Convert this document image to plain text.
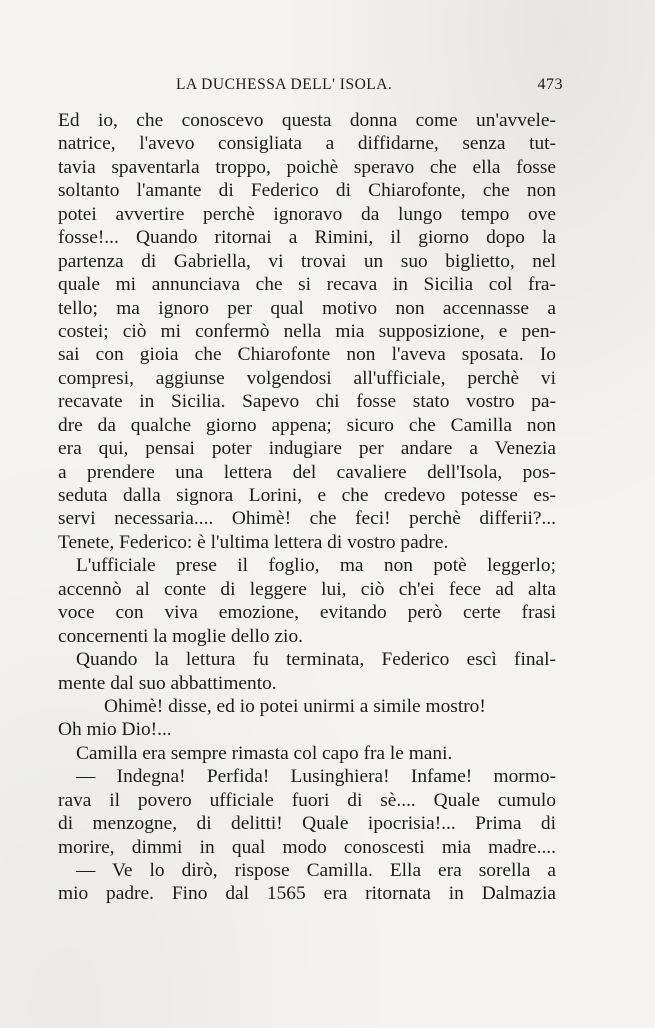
LA DUCHESSA DELL' ISOLA.	473
Ed io, che conoscevo questa donna come un'avvele-
natrice, l'avevo consigliata a diffidarne, senza tut-
tavia spaventarla troppo, poichè speravo che ella fosse
soltanto l'amante di Federico di Chiarofonte, che non
potei avvertire perchè ignoravo da lungo tempo ove
fosse!... Quando ritornai a Rimini, il giorno dopo la
partenza di Gabriella, vi trovai un suo biglietto, nel
quale mi annunciava che si recava in Sicilia col fra-
tello; ma ignoro per qual motivo non accennasse a
costei; ciò mi confermò nella mia supposizione, e pen-
sai con gioia che Chiarofonte non l'aveva sposata. Io
compresi, aggiunse volgendosi all'ufficiale, perchè vi
recavate in Sicilia. Sapevo chi fosse stato vostro pa-
dre da qualche giorno appena; sicuro che Camilla non
era qui, pensai poter indugiare per andare a Venezia
a prendere una lettera del cavaliere dell'Isola, pos-
seduta dalla signora Lorini, e che credevo potesse es-
servi necessaria.... Ohimè! che feci! perchè differii?...
Tenete, Federico: è l'ultima lettera di vostro padre.
L'ufficiale prese il foglio, ma non potè leggerlo;
accennò al conte di leggere lui, ciò ch'ei fece ad alta
voce con viva emozione, evitando però certe frasi
concernenti la moglie dello zio.
Quando la lettura fu terminata, Federico escì final-
mente dal suo abbattimento.
Ohimè! disse, ed io potei unirmi a simile mostro!
Oh mio Dio!...
Camilla era sempre rimasta col capo fra le mani.
— Indegna! Perfida! Lusinghiera! Infame! mormo-
rava il povero ufficiale fuori di sè.... Quale cumulo
di menzogne, di delitti! Quale ipocrisia!... Prima di
morire, dimmi in qual modo conoscesti mia madre....
— Ve lo dirò, rispose Camilla. Ella era sorella a
mio padre. Fino dal 1565 era ritornata in Dalmazia
